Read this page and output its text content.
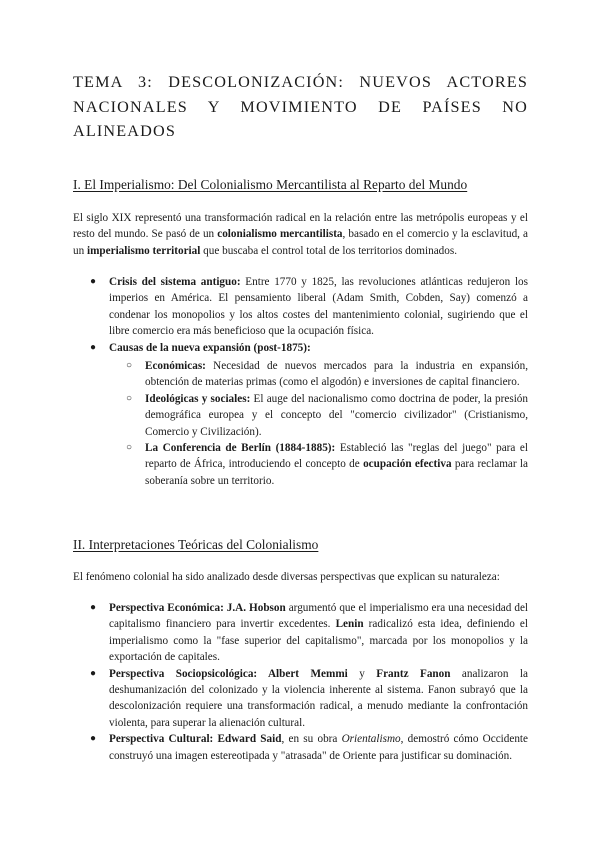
TEMA 3: DESCOLONIZACIÓN: NUEVOS ACTORES NACIONALES Y MOVIMIENTO DE PAÍSES NO ALINEADOS
I. El Imperialismo: Del Colonialismo Mercantilista al Reparto del Mundo

El siglo XIX representó una transformación radical en la relación entre las metrópolis europeas y el resto del mundo. Se pasó de un colonialismo mercantilista, basado en el comercio y la esclavitud, a un imperialismo territorial que buscaba el control total de los territorios dominados.

●	Crisis del sistema antiguo: Entre 1770 y 1825, las revoluciones atlánticas redujeron los imperios en América. El pensamiento liberal (Adam Smith, Cobden, Say) comenzó a condenar los monopolios y los altos costes del mantenimiento colonial, sugiriendo que el libre comercio era más beneficioso que la ocupación física.
●	Causas de la nueva expansión (post-1875):
○ Económicas: Necesidad de nuevos mercados para la industria en expansión, obtención de materias primas (como el algodón) e inversiones de capital financiero.
○ Ideológicas y sociales: El auge del nacionalismo como doctrina de poder, la presión demográfica europea y el concepto del "comercio civilizador" (Cristianismo, Comercio y Civilización).
○ La Conferencia de Berlín (1884-1885): Estableció las "reglas del juego" para el reparto de África, introduciendo el concepto de ocupación efectiva para reclamar la soberanía sobre un territorio.
II. Interpretaciones Teóricas del Colonialismo

El fenómeno colonial ha sido analizado desde diversas perspectivas que explican su naturaleza:

●	Perspectiva Económica: J.A. Hobson argumentó que el imperialismo era una necesidad del capitalismo financiero para invertir excedentes. Lenin radicalizó esta idea, definiendo el imperialismo como la "fase superior del capitalismo", marcada por los monopolios y la exportación de capitales.
●	Perspectiva Sociopsicológica: Albert Memmi y Frantz Fanon analizaron la deshumanización del colonizado y la violencia inherente al sistema. Fanon subrayó que la descolonización requiere una transformación radical, a menudo mediante la confrontación violenta, para superar la alienación cultural.
●	Perspectiva Cultural: Edward Said, en su obra Orientalismo, demostró cómo Occidente construyó una imagen estereotipada y "atrasada" de Oriente para justificar su dominación.
